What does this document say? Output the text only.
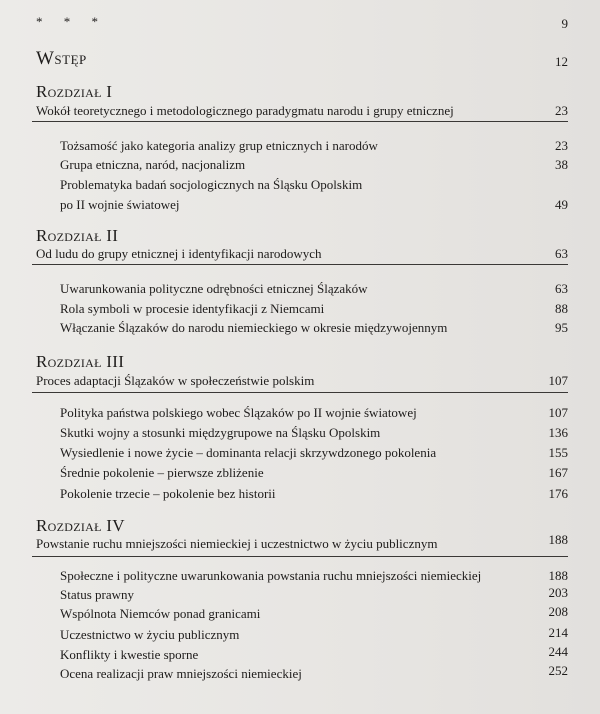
* * *	9
Wstęp	12
Rozdział I
Wokół teoretycznego i metodologicznego paradygmatu narodu i grupy etnicznej	23
Tożsamość jako kategoria analizy grup etnicznych i narodów	23
Grupa etniczna, naród, nacjonalizm	38
Problematyka badań socjologicznych na Śląsku Opolskim
po II wojnie światowej	49
Rozdział II
Od ludu do grupy etnicznej i identyfikacji narodowych	63
Uwarunkowania polityczne odrębności etnicznej Ślązaków	63
Rola symboli w procesie identyfikacji z Niemcami	88
Włączanie Ślązaków do narodu niemieckiego w okresie międzywojennym	95
Rozdział III
Proces adaptacji Ślązaków w społeczeństwie polskim	107
Polityka państwa polskiego wobec Ślązaków po II wojnie światowej	107
Skutki wojny a stosunki międzygrupowe na Śląsku Opolskim	136
Wysiedlenie i nowe życie – dominanta relacji skrzywdzonego pokolenia	155
Średnie pokolenie – pierwsze zbliżenie	167
Pokolenie trzecie – pokolenie bez historii	176
Rozdział IV
Powstanie ruchu mniejszości niemieckiej i uczestnictwo w życiu publicznym	188
Społeczne i polityczne uwarunkowania powstania ruchu mniejszości niemieckiej	188
Status prawny	203
Wspólnota Niemców ponad granicami	208
Uczestnictwo w życiu publicznym	214
Konflikty i kwestie sporne	244
Ocena realizacji praw mniejszości niemieckiej	252
